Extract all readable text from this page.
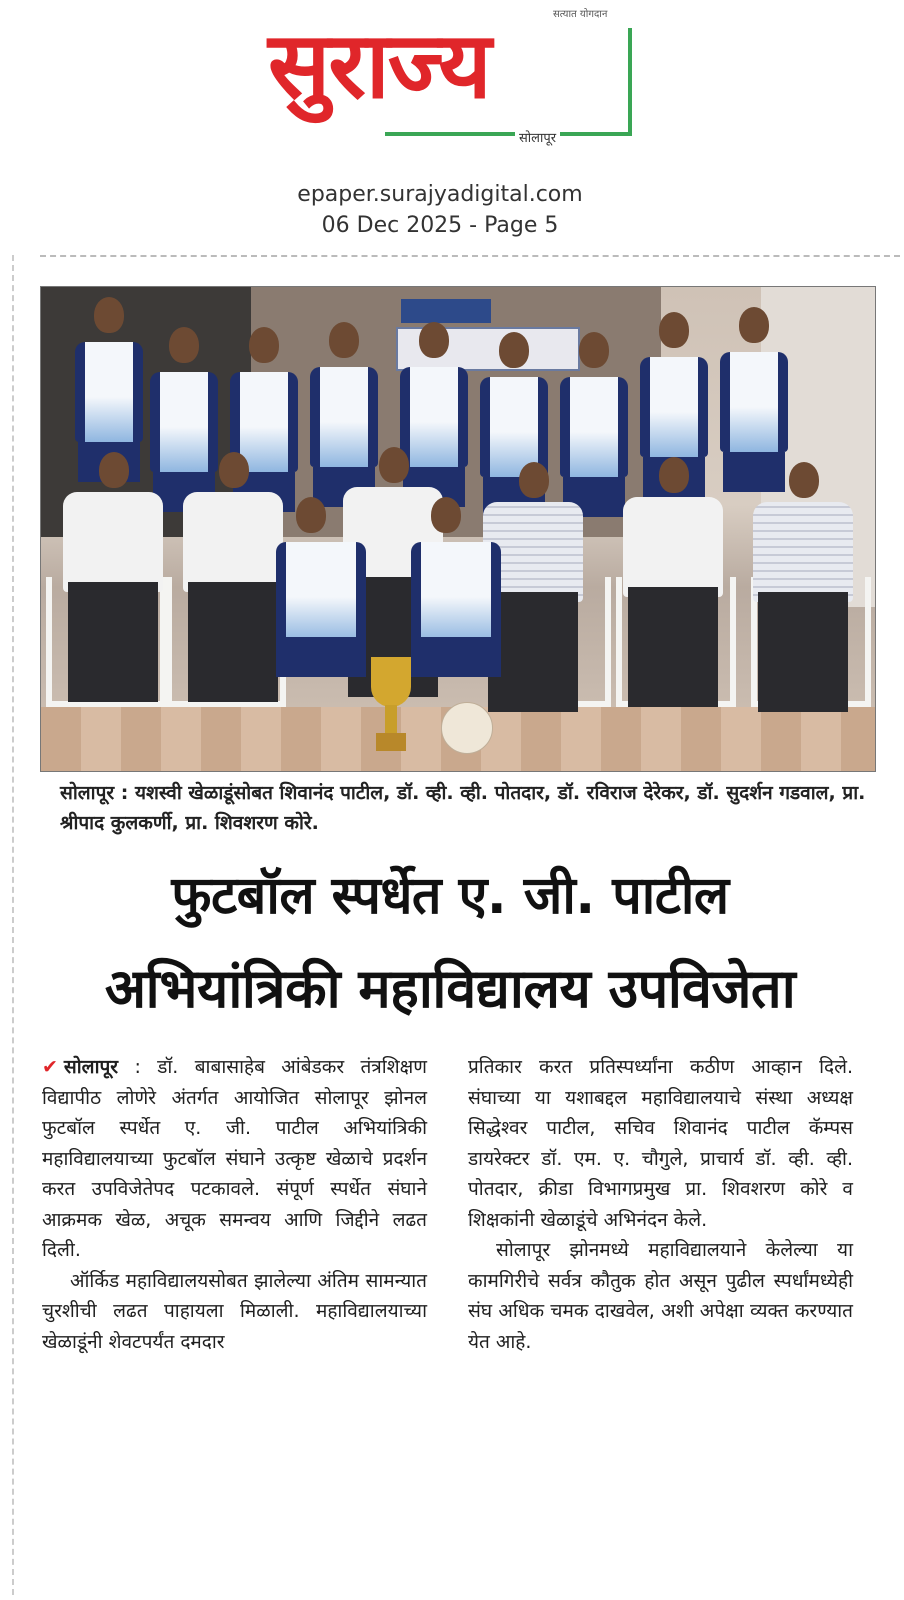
सत्यात योगदान
सुराज्य
सोलापूर
epaper.surajyadigital.com
06 Dec 2025 - Page 5
सोलापूर : यशस्वी खेळाडूंसोबत शिवानंद पाटील, डॉ. व्ही. व्ही. पोतदार, डॉ. रविराज देरेकर, डॉ. सुदर्शन गडवाल, प्रा. श्रीपाद कुलकर्णी, प्रा. शिवशरण कोरे.
फुटबॉल स्पर्धेत ए. जी. पाटील
अभियांत्रिकी महाविद्यालय उपविजेता

✔ सोलापूर : डॉ. बाबासाहेब आंबेडकर तंत्रशिक्षण विद्यापीठ लोणेरे अंतर्गत आयोजित सोलापूर झोनल फुटबॉल स्पर्धेत ए. जी. पाटील अभियांत्रिकी महाविद्यालयाच्या फुटबॉल संघाने उत्कृष्ट खेळाचे प्रदर्शन करत उपविजेतेपद पटकावले. संपूर्ण स्पर्धेत संघाने आक्रमक खेळ, अचूक समन्वय आणि जिद्दीने लढत दिली.

ऑर्किड महाविद्यालयसोबत झालेल्या अंतिम सामन्यात चुरशीची लढत पाहायला मिळाली. महाविद्यालयाच्या खेळाडूंनी शेवटपर्यंत दमदार

प्रतिकार करत प्रतिस्पर्ध्यांना कठीण आव्हान दिले. संघाच्या या यशाबद्दल महाविद्यालयाचे संस्था अध्यक्ष सिद्धेश्वर पाटील, सचिव शिवानंद पाटील कॅम्पस डायरेक्टर डॉ. एम. ए. चौगुले, प्राचार्य डॉ. व्ही. व्ही. पोतदार, क्रीडा विभागप्रमुख प्रा. शिवशरण कोरे व शिक्षकांनी खेळाडूंचे अभिनंदन केले.

सोलापूर झोनमध्ये महाविद्यालयाने केलेल्या या कामगिरीचे सर्वत्र कौतुक होत असून पुढील स्पर्धांमध्येही संघ अधिक चमक दाखवेल, अशी अपेक्षा व्यक्त करण्यात येत आहे.
